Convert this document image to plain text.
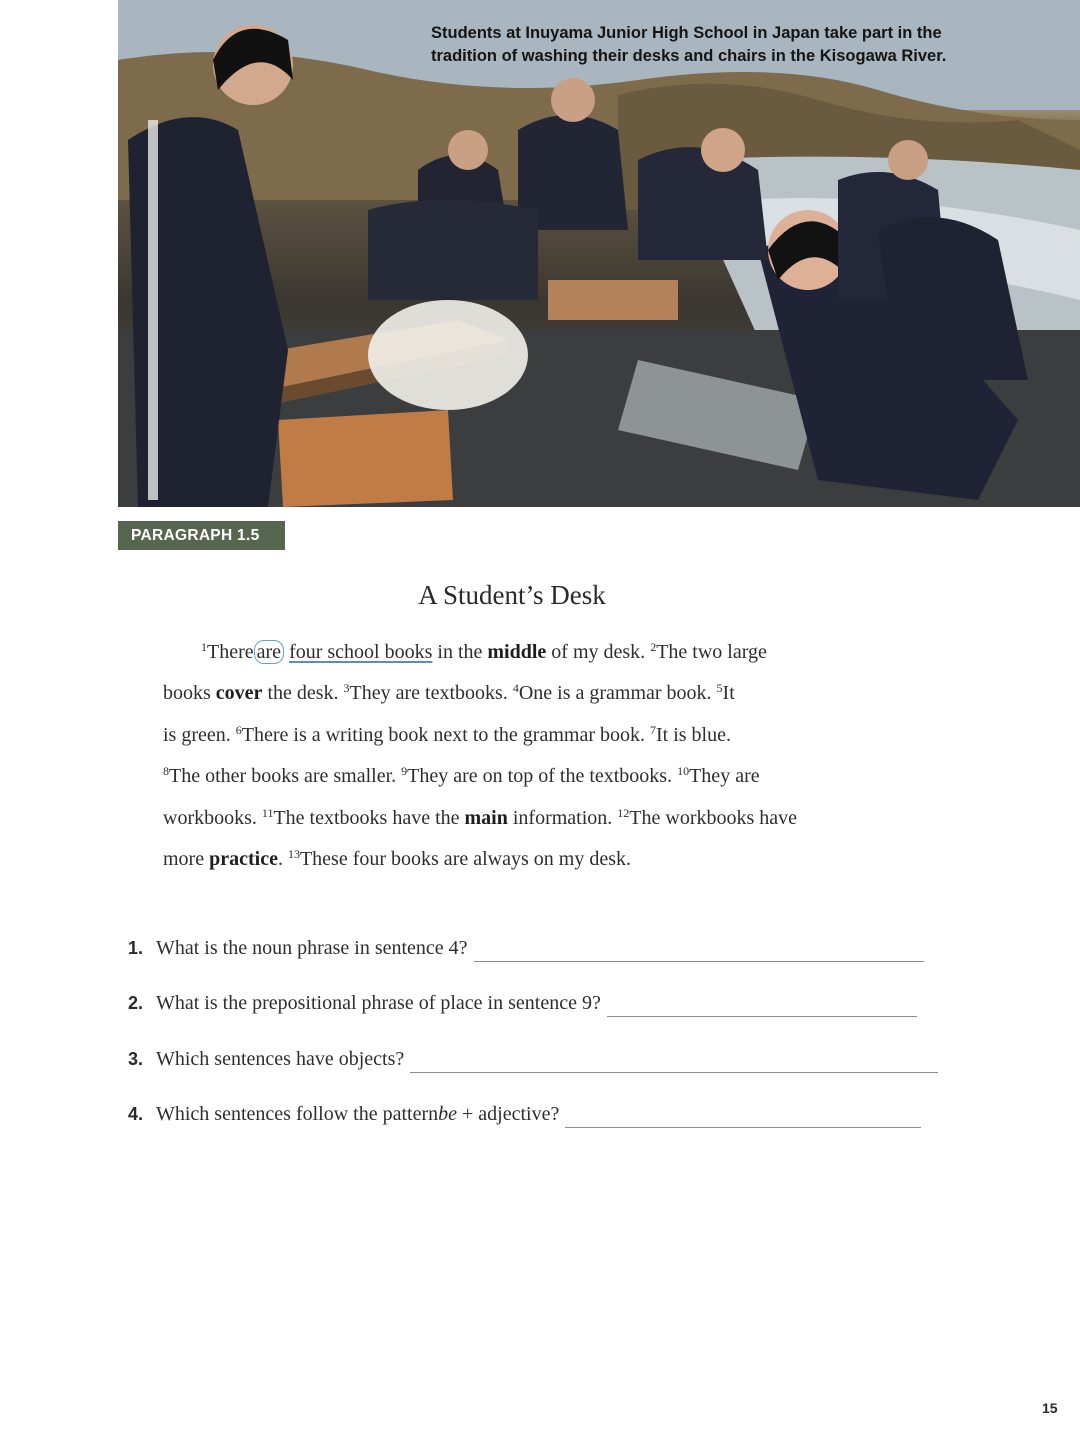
Students at Inuyama Junior High School in Japan take part in the
tradition of washing their desks and chairs in the Kisogawa River.
PARAGRAPH 1.5
A Student’s Desk
$^1$There are four school books in the middle of my desk. $^2$The two large
books cover the desk. $^3$They are textbooks. $^4$One is a grammar book. $^5$It
is green. $^6$There is a writing book next to the grammar book. $^7$It is blue.
$^8$The other books are smaller. $^9$They are on top of the textbooks. $^{10}$They are
workbooks. $^{11}$The textbooks have the main information. $^{12}$The workbooks have
more practice. $^{13}$These four books are always on my desk.
1. What is the noun phrase in sentence 4?
2. What is the prepositional phrase of place in sentence 9?
3. Which sentences have objects?
4. Which sentences follow the pattern be + adjective?
15
